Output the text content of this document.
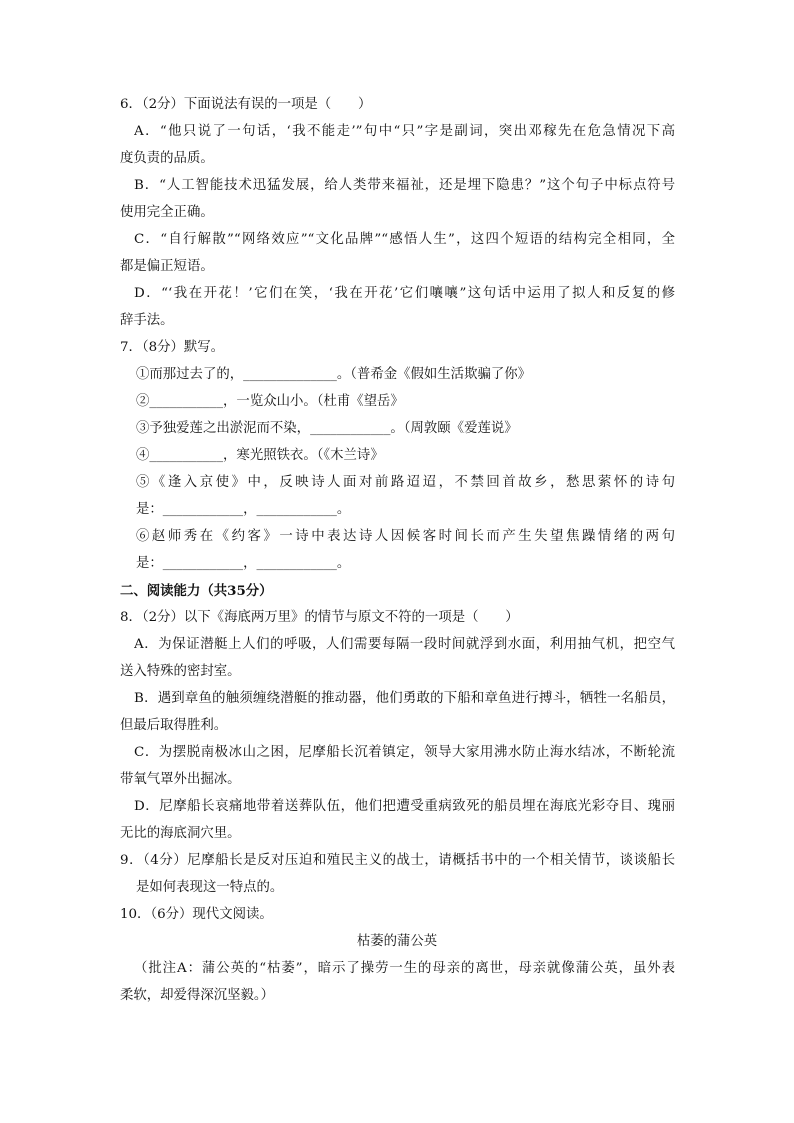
6．（2分）下面说法有误的一项是（　　）
A．“他只说了一句话，‘我不能走’”句中“只”字是副词，突出邓稼先在危急情况下高
度负责的品质。
B．“人工智能技术迅猛发展，给人类带来福祉，还是埋下隐患？”这个句子中标点符号
使用完全正确。
C．“自行解散”“网络效应”“文化品牌”“感悟人生”，这四个短语的结构完全相同，全
都是偏正短语。
D．“‘我在开花！’它们在笑，‘我在开花’它们嚷嚷”这句话中运用了拟人和反复的修
辞手法。
7．（8分）默写。
①而那过去了的，______________。（普希金《假如生活欺骗了你》
②___________，一览众山小。（杜甫《望岳》
③予独爱莲之出淤泥而不染，____________。（周敦颐《爱莲说》
④___________，寒光照铁衣。（《木兰诗》
⑤《逢入京使》中，反映诗人面对前路迢迢，不禁回首故乡，愁思萦怀的诗句
是：____________，____________。
⑥赵师秀在《约客》一诗中表达诗人因候客时间长而产生失望焦躁情绪的两句
是：____________，____________。
二、阅读能力（共35分）
8．（2分）以下《海底两万里》的情节与原文不符的一项是（　　）
A．为保证潜艇上人们的呼吸，人们需要每隔一段时间就浮到水面，利用抽气机，把空气
送入特殊的密封室。
B．遇到章鱼的触须缠绕潜艇的推动器，他们勇敢的下船和章鱼进行搏斗，牺牲一名船员，
但最后取得胜利。
C．为摆脱南极冰山之困，尼摩船长沉着镇定，领导大家用沸水防止海水结冰，不断轮流
带氧气罩外出掘冰。
D．尼摩船长哀痛地带着送葬队伍，他们把遭受重病致死的船员埋在海底光彩夺目、瑰丽
无比的海底洞穴里。
9．（4分）尼摩船长是反对压迫和殖民主义的战士，请概括书中的一个相关情节，谈谈船长
是如何表现这一特点的。
10．（6分）现代文阅读。
枯萎的蒲公英
（批注A：蒲公英的“枯萎”，暗示了操劳一生的母亲的离世，母亲就像蒲公英，虽外表
柔软，却爱得深沉坚毅。）
